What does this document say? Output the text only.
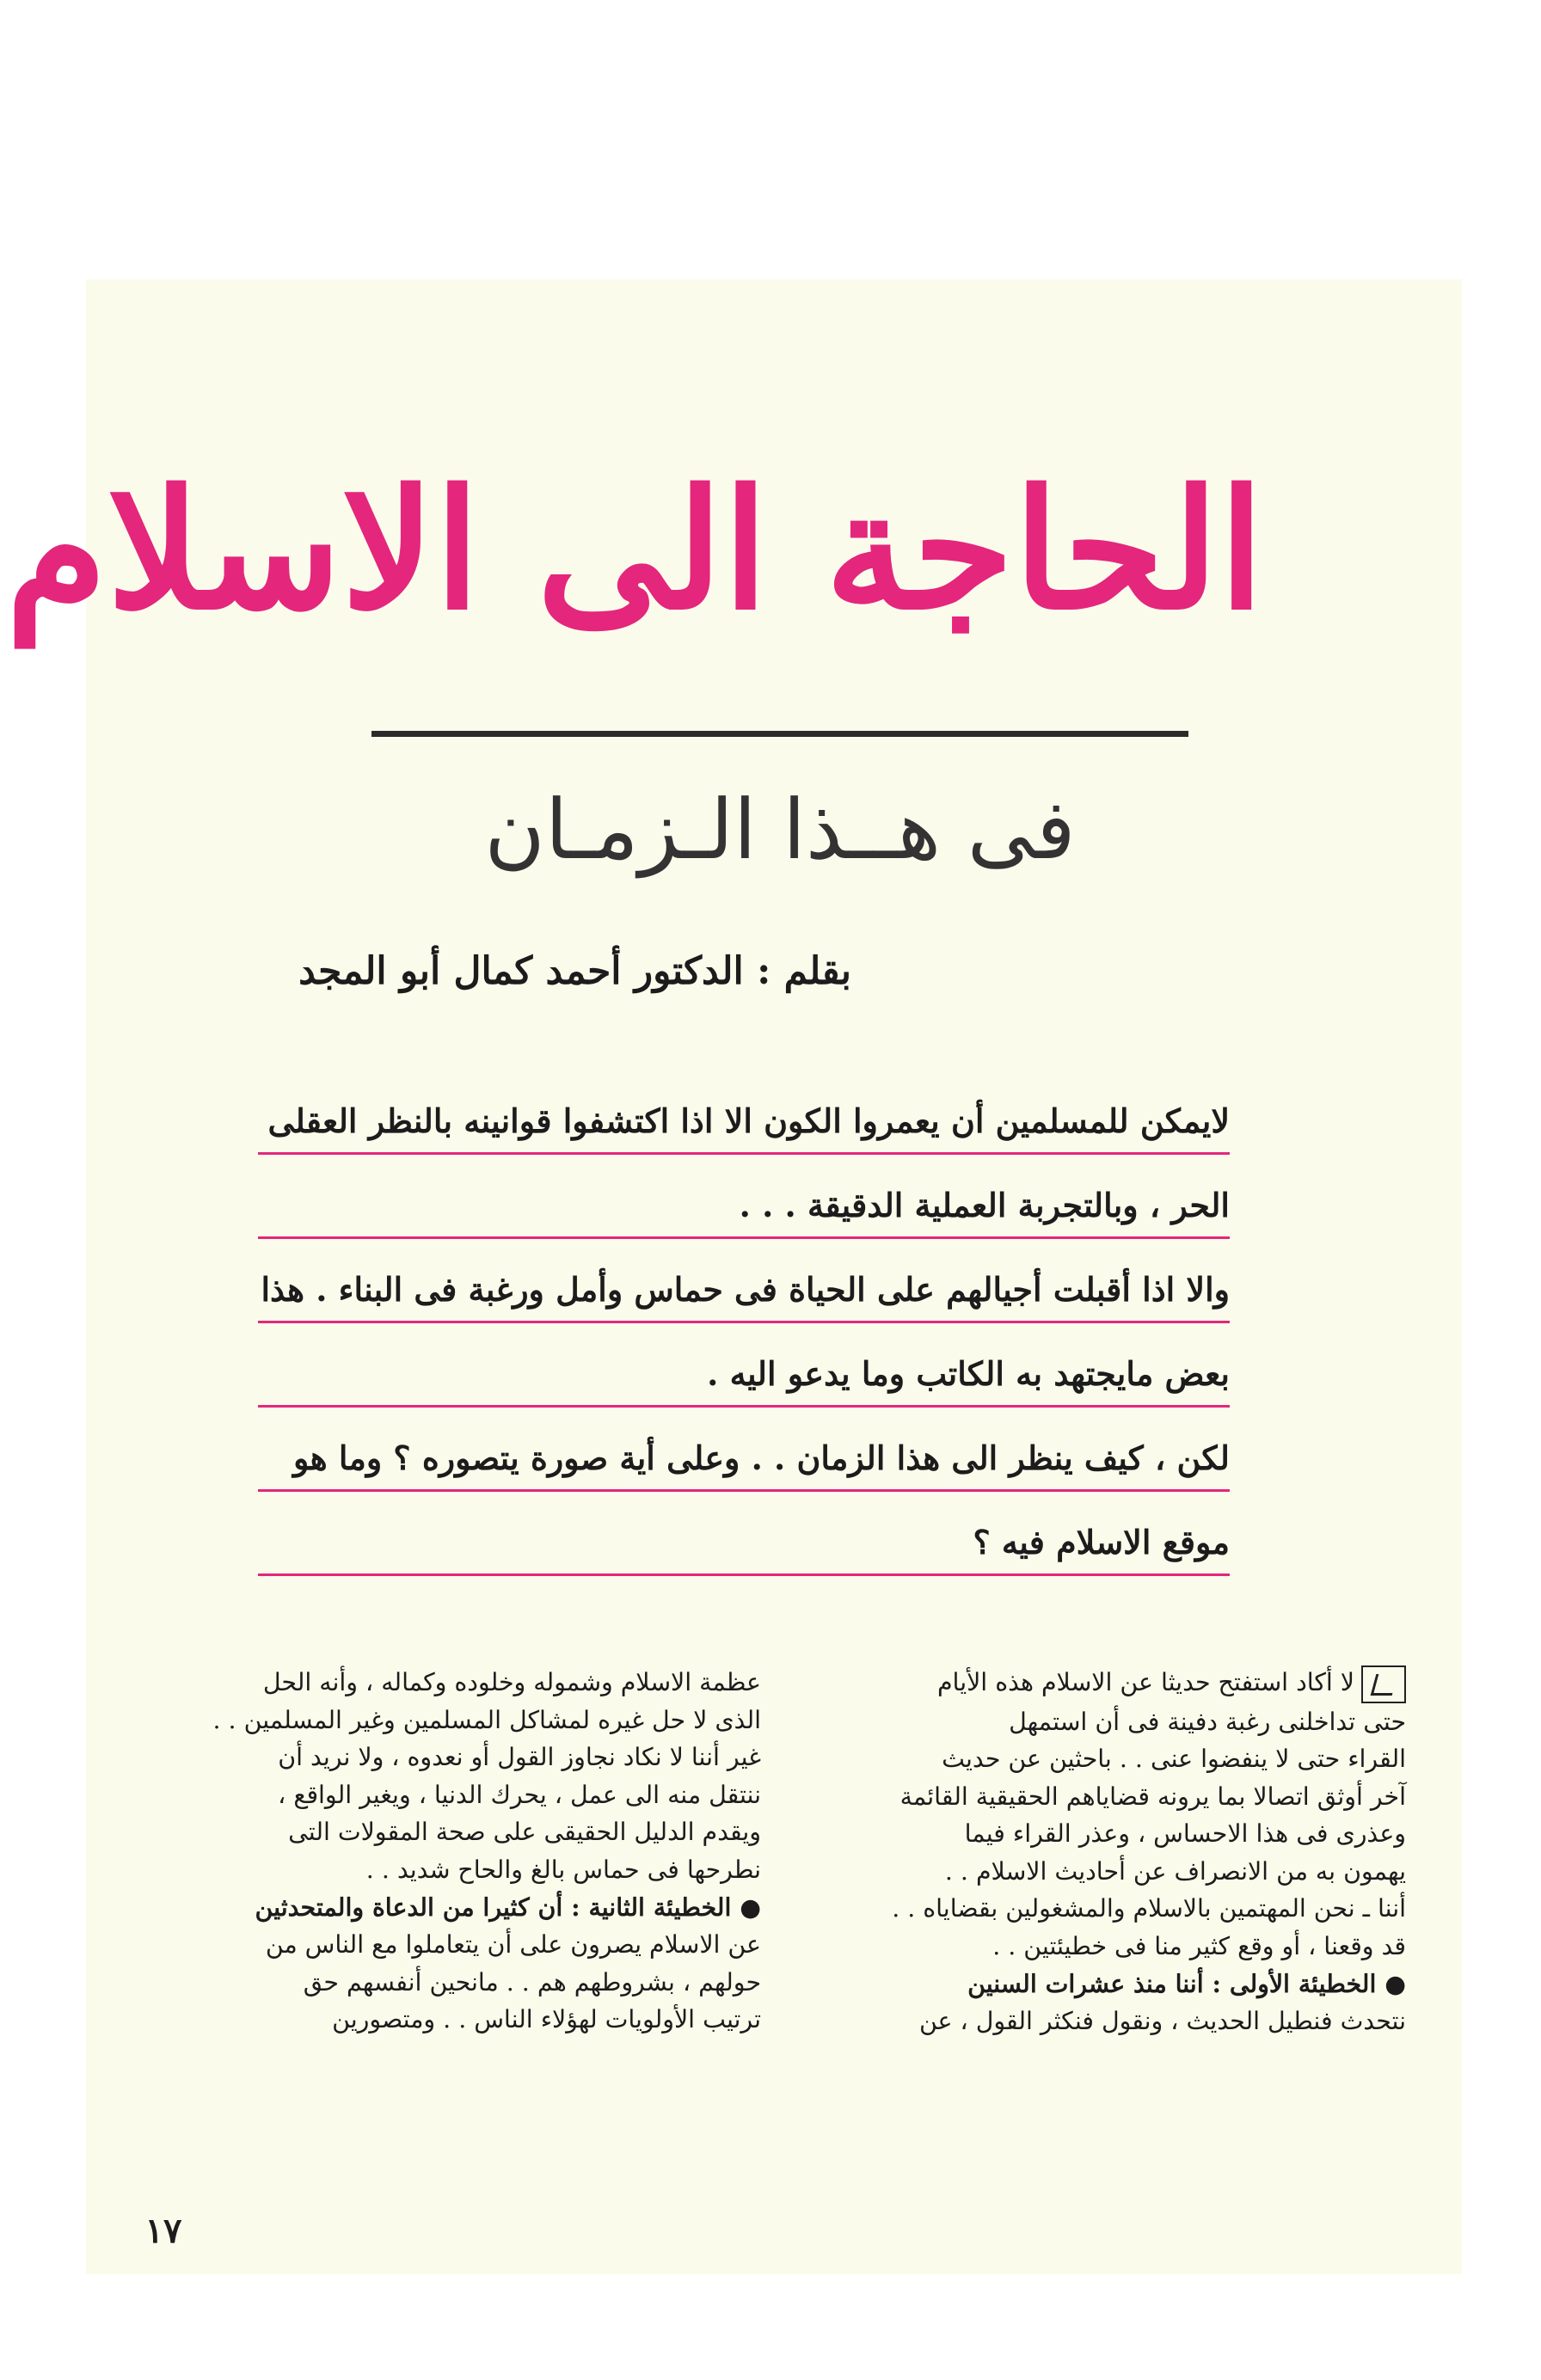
الحاجة الى الاسلام
فى هــذا الـزمـان
بقلم : الدكتور أحمد كمال أبو المجد
لايمكن للمسلمين أن يعمروا الكون الا اذا اكتشفوا قوانينه بالنظر العقلى
الحر ، وبالتجربة العملية الدقيقة . . .
والا اذا أقبلت أجيالهم على الحياة فى حماس وأمل ورغبة فى البناء . هذا
بعض مايجتهد به الكاتب وما يدعو اليه .
لكن ، كيف ينظر الى هذا الزمان . . وعلى أية صورة يتصوره ؟ وما هو
موقع الاسلام فيه ؟

لا أكاد استفتح حديثا عن الاسلام هذه الأيام

حتى تداخلنى رغبة دفينة فى أن استمهل

القراء حتى لا ينفضوا عنى . . باحثين عن حديث

آخر أوثق اتصالا بما يرونه قضاياهم الحقيقية القائمة

وعذرى فى هذا الاحساس ، وعذر القراء فيما

يهمون به من الانصراف عن أحاديث الاسلام . .

أننا ـ نحن المهتمين بالاسلام والمشغولين بقضاياه . .

قد وقعنا ، أو وقع كثير منا فى خطيئتين . .

● الخطيئة الأولى : أننا منذ عشرات السنين

نتحدث فنطيل الحديث ، ونقول فنكثر القول ، عن

عظمة الاسلام وشموله وخلوده وكماله ، وأنه الحل

الذى لا حل غيره لمشاكل المسلمين وغير المسلمين . .

غير أننا لا نكاد نجاوز القول أو نعدوه ، ولا نريد أن

ننتقل منه الى عمل ، يحرك الدنيا ، ويغير الواقع ،

ويقدم الدليل الحقيقى على صحة المقولات التى

نطرحها فى حماس بالغ والحاح شديد . .

● الخطيئة الثانية : أن كثيرا من الدعاة والمتحدثين

عن الاسلام يصرون على أن يتعاملوا مع الناس من

حولهم ، بشروطهم هم . . مانحين أنفسهم حق

ترتيب الأولويات لهؤلاء الناس . . ومتصورين

١٧
